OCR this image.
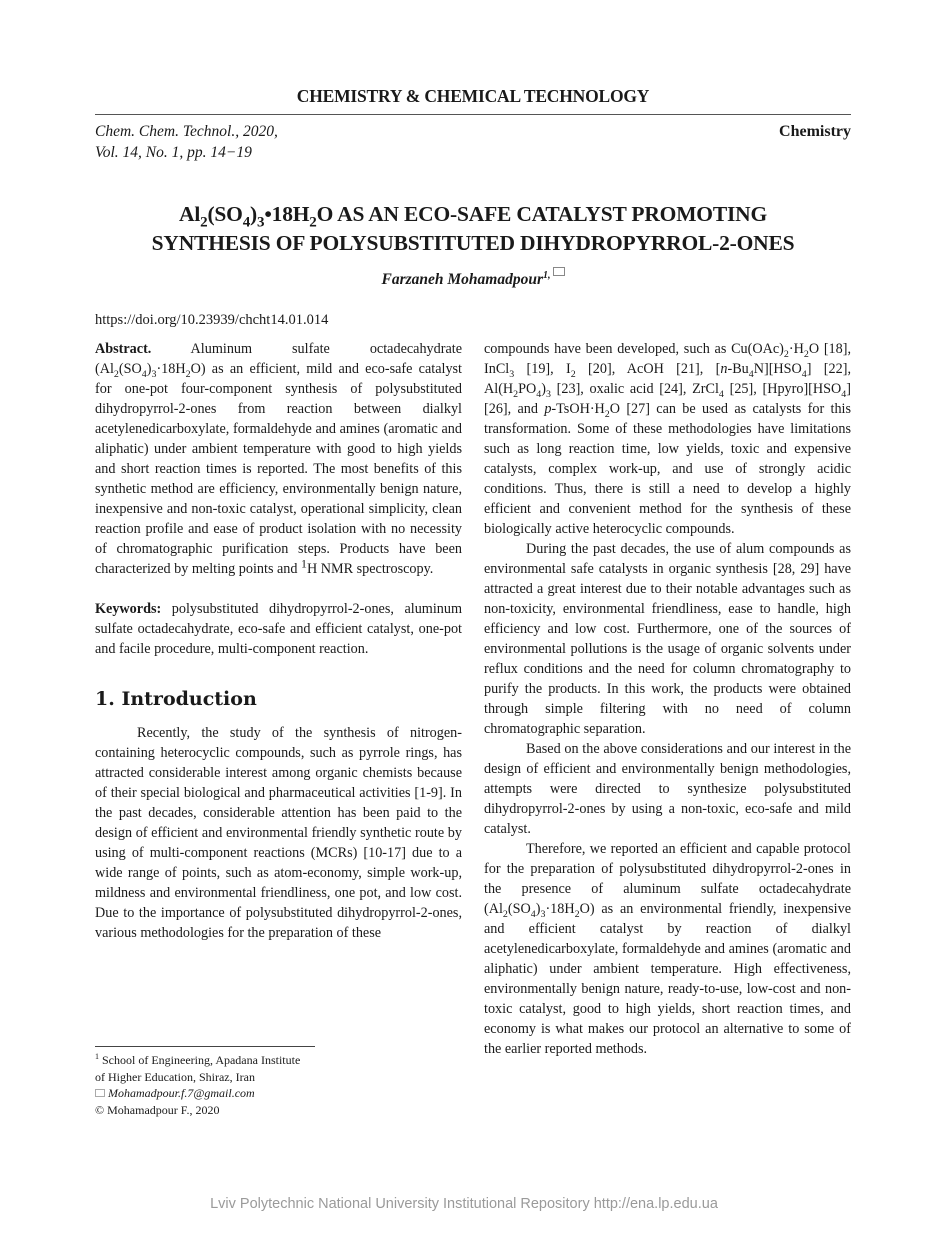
CHEMISTRY & CHEMICAL TECHNOLOGY
Chem. Chem. Technol., 2020,
Vol. 14, No. 1, pp. 14−19
Chemistry
$Al_2(SO_4)_3•18H_2O$ AS AN ECO-SAFE CATALYST PROMOTING
SYNTHESIS OF POLYSUBSTITUTED DIHYDROPYRROL-2-ONES
Farzaneh Mohamadpour$^{1,}$
https://doi.org/10.23939/chcht14.01.014

Abstract. Aluminum sulfate octadecahydrate $(Al_2(SO_4)_3\cdot 18H_2O)$ as an efficient, mild and eco-safe catalyst for one-pot four-component synthesis of polysubstituted dihydropyrrol-2-ones from reaction between dialkyl acetylenedicarboxylate, formaldehyde and amines (aromatic and aliphatic) under ambient temperature with good to high yields and short reaction times is reported. The most benefits of this synthetic method are efficiency, environmentally benign nature, inexpensive and non-toxic catalyst, operational simplicity, clean reaction profile and ease of product isolation with no necessity of chromatographic purification steps. Products have been characterized by melting points and $^1$H NMR spectroscopy.

Keywords: polysubstituted dihydropyrrol-2-ones, aluminum sulfate octadecahydrate, eco-safe and efficient catalyst, one-pot and facile procedure, multi-component reaction.

1. Introduction

Recently, the study of the synthesis of nitrogen-containing heterocyclic compounds, such as pyrrole rings, has attracted considerable interest among organic chemists because of their special biological and pharmaceutical activities [1-9]. In the past decades, considerable attention has been paid to the design of efficient and environmental friendly synthetic route by using of multi-component reactions (MCRs) [10-17] due to a wide range of points, such as atom-economy, simple work-up, mildness and environmental friendliness, one pot, and low cost. Due to the importance of polysubstituted dihydropyrrol-2-ones, various methodologies for the preparation of these

compounds have been developed, such as $Cu(OAc)_2\cdot H_2O$ [18], InCl$_3$ [19], $I_2$ [20], AcOH [21], $[n-Bu_4N][HSO_4]$ [22], $Al(H_2PO_4)_3$ [23], oxalic acid [24], ZrCl$_4$ [25], $[Hpyro][HSO_4]$ [26], and $p-TsOH\cdot H_2O$ [27] can be used as catalysts for this transformation. Some of these methodologies have limitations such as long reaction time, low yields, toxic and expensive catalysts, complex work-up, and use of strongly acidic conditions. Thus, there is still a need to develop a highly efficient and convenient method for the synthesis of these biologically active heterocyclic compounds.

During the past decades, the use of alum compounds as environmental safe catalysts in organic synthesis [28, 29] have attracted a great interest due to their notable advantages such as non-toxicity, environmental friendliness, ease to handle, high efficiency and low cost. Furthermore, one of the sources of environmental pollutions is the usage of organic solvents under reflux conditions and the need for column chromatography to purify the products. In this work, the products were obtained through simple filtering with no need of column chromatographic separation.

Based on the above considerations and our interest in the design of efficient and environmentally benign methodologies, attempts were directed to synthesize polysubstituted dihydropyrrol-2-ones by using a non-toxic, eco-safe and mild catalyst.

Therefore, we reported an efficient and capable protocol for the preparation of polysubstituted dihydropyrrol-2-ones in the presence of aluminum sulfate octadecahydrate $(Al_2(SO_4)_3\cdot 18H_2O)$ as an environmental friendly, inexpensive and efficient catalyst by reaction of dialkyl acetylenedicarboxylate, formaldehyde and amines (aromatic and aliphatic) under ambient temperature. High effectiveness, environmentally benign nature, ready-to-use, low-cost and non-toxic catalyst, good to high yields, short reaction times, and economy is what makes our protocol an alternative to some of the earlier reported methods.

$^1$ School of Engineering, Apadana Institute
of Higher Education, Shiraz, Iran
Mohamadpour.f.7@gmail.com
© Mohamadpour F., 2020
Lviv Polytechnic National University Institutional Repository http://ena.lp.edu.ua
